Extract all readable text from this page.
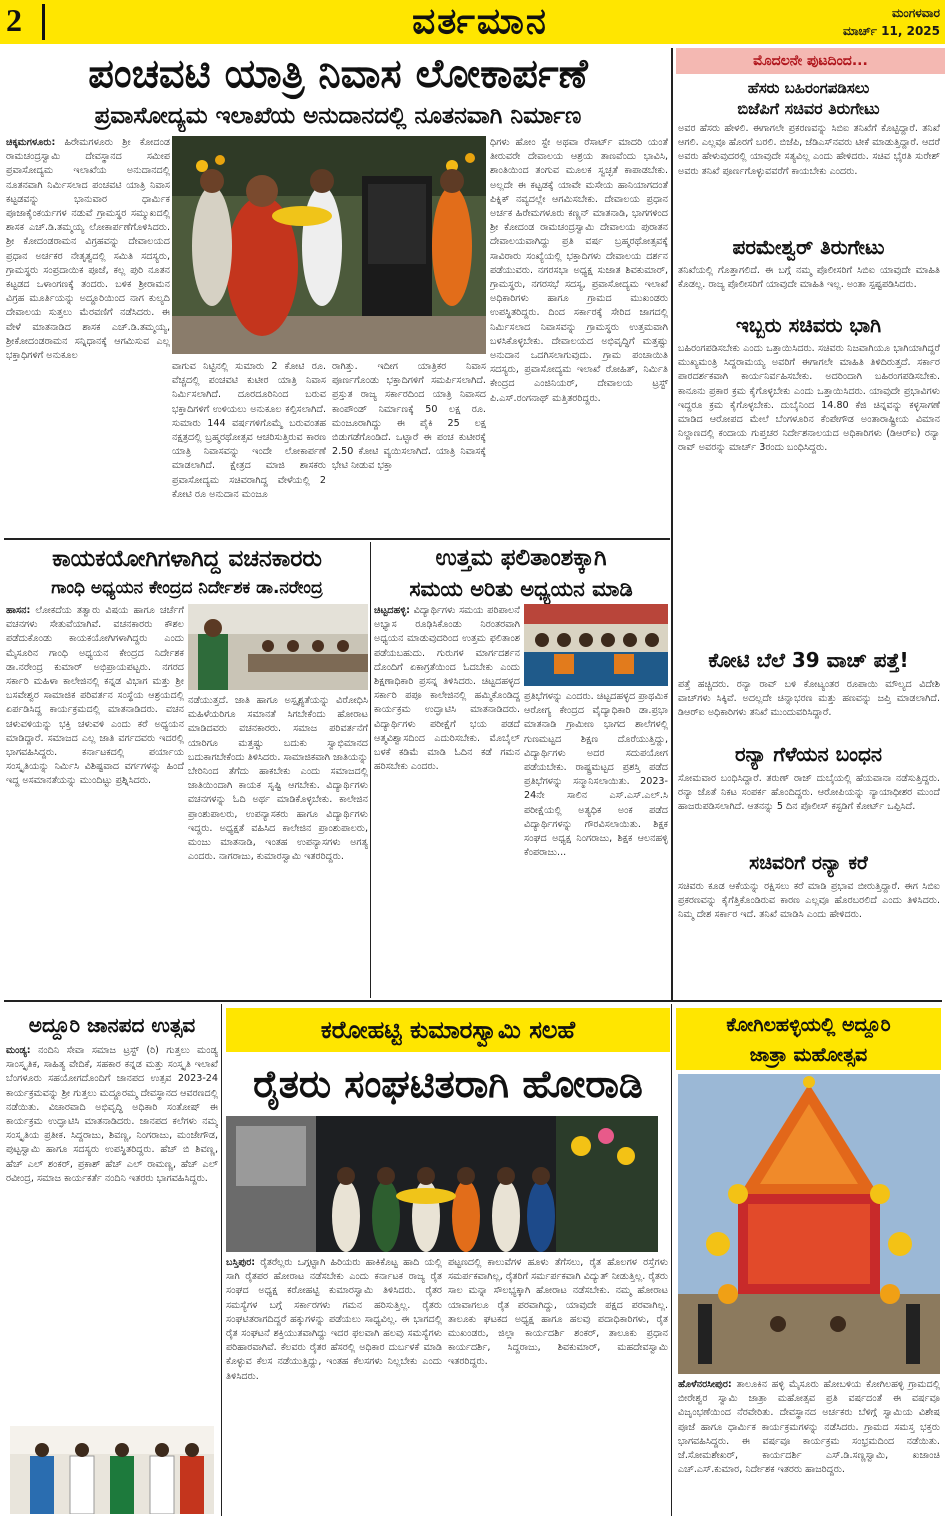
2	ವರ್ತಮಾನ	ಮಂಗಳವಾರ
ಮಾರ್ಚ್ 11, 2025
ಪಂಚವಟಿ ಯಾತ್ರಿ ನಿವಾಸ ಲೋಕಾರ್ಪಣೆ
ಪ್ರವಾಸೋದ್ಯಮ ಇಲಾಖೆಯ ಅನುದಾನದಲ್ಲಿ ನೂತನವಾಗಿ ನಿರ್ಮಾಣ
ಚಿಕ್ಕಮಗಳೂರು: ಹಿರೇಮಗಳೂರು ಶ್ರೀ ಕೋದಂಡ ರಾಮಚಂದ್ರಸ್ವಾಮಿ ದೇವಸ್ಥಾನದ ಸಮೀಪ ಪ್ರವಾಸೋದ್ಯಮ ಇಲಾಖೆಯ ಅನುದಾನದಲ್ಲಿ ನೂತನವಾಗಿ ನಿರ್ಮಿಸಲಾದ ಪಂಚವಟಿ ಯಾತ್ರಿ ನಿವಾಸ ಕಟ್ಟಡವನ್ನು ಭಾನುವಾರ ಧಾರ್ಮಿಕ ಪೂಜಾಕೈಂಕರ್ಯಗಳ ನಡುವೆ ಗ್ರಾಮಸ್ಥರ ಸಮ್ಮುಖದಲ್ಲಿ ಶಾಸಕ ಎಚ್.ಡಿ.ತಮ್ಮಯ್ಯ ಲೋಕಾರ್ಪಣೆಗೊಳಿಸಿದರು. ಶ್ರೀ ಕೋದಂಡರಾಮನ ವಿಗ್ರಹವನ್ನು ದೇವಾಲಯದ ಪ್ರಧಾನ ಅರ್ಚಕರ ನೇತೃತ್ವದಲ್ಲಿ ಸಮಿತಿ ಸದಸ್ಯರು, ಗ್ರಾಮಸ್ಥರು ಸಂಪ್ರದಾಯಿಕ ಪೂಜೆ, ಕಲ್ಲ ಪುರಿ ನೂತನ ಕಟ್ಟಡದ ಒಳಾಂಗಣಕ್ಕೆ ತಂದರು. ಬಳಿಕ ಶ್ರೀರಾಮನ ವಿಗ್ರಹ ಮೂರ್ತಿಯನ್ನು ಅದ್ದೂರಿಯಿಂದ ನಾಗ ಕುಲ್ಯದಿ ದೇವಾಲಯ ಸುತ್ತಲು ಮೆರವಣಿಗೆ ನಡೆಸಿದರು. ಈ ವೇಳೆ ಮಾತನಾಡಿದ ಶಾಸಕ ಎಚ್.ಡಿ.ತಮ್ಮಯ್ಯ, ಶ್ರೀಕೋದಂಡರಾಮನ ಸನ್ನಿಧಾನಕ್ಕೆ ಆಗಮಿಸುವ ಎಲ್ಲ ಭಕ್ತಾಧಿಗಳಿಗೆ ಅನುಕೂಲ
ವಾಗುವ ನಿಟ್ಟಿನಲ್ಲಿ ಸುಮಾರು 2 ಕೋಟಿ ರೂ. ವೆಚ್ಚದಲ್ಲಿ ಪಂಚವಟಿ ಕುಟೀರ ಯಾತ್ರಿ ನಿವಾಸ ನಿರ್ಮಿಸಲಾಗಿದೆ. ದೂರದೂರಿನಿಂದ ಬರುವ ಭಕ್ತಾದಿಗಳಿಗೆ ಉಳಿಯಲು ಅನುಕೂಲ ಕಲ್ಪಿಸಲಾಗಿದೆ. ಸುಮಾರು 144 ವರ್ಷಗಳಿಗೊಮ್ಮೆ ಬರುವಂತಹ ನಕ್ಷತ್ರದಲ್ಲಿ ಬ್ರಹ್ಮರಥೋತ್ಸವ ಆಚರಿಸುತ್ತಿರುವ ಕಾರಣ ಯಾತ್ರಿ ನಿವಾಸವನ್ನು ಇಂದೇ ಲೋಕಾರ್ಪಣೆ ಮಾಡಲಾಗಿದೆ. ಕ್ಷೇತ್ರದ ಮಾಜಿ ಶಾಸಕರು ಪ್ರವಾಸೋದ್ಯಮ ಸಚಿವರಾಗಿದ್ದ ವೇಳೆಯಲ್ಲಿ 2 ಕೋಟಿ ರೂ ಅನುದಾನ ಮಂಜೂ
ರಾಗಿತ್ತು. ಇದೀಗ ಯಾತ್ರಿಕರ ನಿವಾಸ ಪೂರ್ಣಗೊಂಡು ಭಕ್ತಾದಿಗಳಿಗೆ ಸಮರ್ಪಿಸಲಾಗಿದೆ. ಪ್ರಸ್ತುತ ರಾಜ್ಯ ಸರ್ಕಾರದಿಂದ ಯಾತ್ರಿ ನಿವಾಸದ ಕಾಂಪೌಂಡ್ ನಿರ್ಮಾಣಕ್ಕೆ 50 ಲಕ್ಷ ರೂ. ಮಂಜೂರಾಗಿದ್ದು ಈ ಪೈಕಿ 25 ಲಕ್ಷ ಬಿಡುಗಡೆಗೊಂಡಿದೆ. ಒಟ್ಟಾರೆ ಈ ಪಂಚ ಕುಟೀರಕ್ಕೆ 2.50 ಕೋಟಿ ವ್ಯಯಿಸಲಾಗಿದೆ. ಯಾತ್ರಿ ನಿವಾಸಕ್ಕೆ ಭೇಟಿ ನೀಡುವ ಭಕ್ತಾ
ಧಿಗಳು ಹೋಂ ಸ್ಟೇ ಅಥವಾ ರೆಸಾರ್ಟ್ ಮಾದರಿ ಯಂತೆ ತೀರುವರೇ ದೇವಾಲಯ ಆಶ್ರಯ ತಾಣವೆಂದು ಭಾವಿಸಿ, ಶಾಂತಿಯಿಂದ ತಂಗುವ ಮೂಲಕ ಸ್ವಚ್ಛತೆ ಕಾಪಾಡಬೇಕು. ಅಲ್ಲದೇ ಈ ಕಟ್ಟಡಕ್ಕೆ ಯಾವೇ ಮಸೇಯ ಹಾನಿಯಾಗದಂತೆ ಪಿಕ್ನಿಕ್ ನವ್ಯದಲ್ಲೇ ಆಗಮಿಸಬೇಕು. ದೇವಾಲಯ ಪ್ರಧಾನ ಅರ್ಚಕ ಹಿರೇಮಗಳೂರು ಕಣ್ಣನ್ ಮಾತನಾಡಿ, ಭಾಗಗಳಿಂದ ಶ್ರೀ ಕೋದಂಡ ರಾಮಚಂದ್ರಸ್ವಾಮಿ ದೇವಾಲಯ ಪುರಾತನ ದೇವಾಲಯವಾಗಿದ್ದು ಪ್ರತಿ ವರ್ಷ ಬ್ರಹ್ಮರಥೋತ್ಸವಕ್ಕೆ ಸಾವಿರಾರು ಸಂಖ್ಯೆಯಲ್ಲಿ ಭಕ್ತಾದಿಗಳು ದೇವಾಲಯ ದರ್ಶನ ಪಡೆಯುವರು. ನಗರಸಭಾ ಅಧ್ಯಕ್ಷ ಸುಜಾತ ಶಿವಕುಮಾರ್, ಗ್ರಾಮಸ್ಥರು, ನಗರಸಭೆ ಸದಸ್ಯ, ಪ್ರವಾಸೋದ್ಯಮ ಇಲಾಖೆ ಅಧಿಕಾರಿಗಳು ಹಾಗೂ ಗ್ರಾಮದ ಮುಖಂಡರು ಉಪಸ್ಥಿತರಿದ್ದರು. ದಿಂದ ಸರ್ಕಾರಕ್ಕೆ ಸೇರಿದ ಜಾಗದಲ್ಲಿ ನಿರ್ಮಿಸಲಾದ ನಿವಾಸವನ್ನು ಗ್ರಾಮಸ್ಥರು ಉತ್ತಮವಾಗಿ ಬಳಸಿಕೊಳ್ಳಬೇಕು. ದೇವಾಲಯದ ಅಭಿವೃದ್ಧಿಗೆ ಮತ್ತಷ್ಟು ಅನುದಾನ ಒದಗಿಸಲಾಗುವುದು. ಗ್ರಾಮ ಪಂಚಾಯಿತಿ ಸದಸ್ಯರು, ಪ್ರವಾಸೋದ್ಯಮ ಇಲಾಖೆ ರೋಹಿತ್, ನಿರ್ಮಿತಿ ಕೇಂದ್ರದ ಎಂಜಿನಿಯರ್, ದೇವಾಲಯ ಟ್ರಸ್ಟ್ ಪಿ.ಎಸ್.ರಂಗನಾಥ್ ಮತ್ತಿತರರಿದ್ದರು.
ಕಾಯಕಯೋಗಿಗಳಾಗಿದ್ದ ವಚನಕಾರರು
ಗಾಂಧಿ ಅಧ್ಯಯನ ಕೇಂದ್ರದ ನಿರ್ದೇಶಕ ಡಾ.ನರೇಂದ್ರ
ಹಾಸನ: ಲೋಕದೆಯ ತತ್ವಾರು ವಿಷಯ ಹಾಗೂ ಚರ್ಚೆಗೆ ವಚನಗಳು ಸೇತುವೆಯಾಗಿವೆ. ವಚನಕಾರರು ಕೌಶಲ ಪಡೆದುಕೊಂಡು ಕಾಯಕಯೋಗಿಗಳಾಗಿದ್ದರು ಎಂದು ಮೈಸೂರಿನ ಗಾಂಧಿ ಅಧ್ಯಯನ ಕೇಂದ್ರದ ನಿರ್ದೇಶಕ ಡಾ.ನರೇಂದ್ರ ಕುಮಾರ್ ಅಭಿಪ್ರಾಯಪಟ್ಟರು. ನಗರದ ಸರ್ಕಾರಿ ಮಹಿಳಾ ಕಾಲೇಜಿನಲ್ಲಿ ಕನ್ನಡ ವಿಭಾಗ ಮತ್ತು ಶ್ರೀ ಬಸವೇಶ್ವರ ಸಾಮಾಜಿಕ ಪರಿವರ್ತನ ಸಂಸ್ಥೆಯ ಆಶ್ರಯದಲ್ಲಿ ಏರ್ಪಡಿಸಿದ್ದ ಕಾರ್ಯಕ್ರಮದಲ್ಲಿ ಮಾತನಾಡಿದರು. ವಚನ ಚಳುವಳಿಯನ್ನು ಭಕ್ತಿ ಚಳುವಳಿ ಎಂದು ಕರೆ ಅಧ್ಯಯನ ಮಾಡಿದ್ದಾರೆ. ಸಮಾಜದ ಎಲ್ಲ ಜಾತಿ ವರ್ಗದವರು ಇದರಲ್ಲಿ ಭಾಗವಹಿಸಿದ್ದರು. ಕರ್ನಾಟಕದಲ್ಲಿ ಪರ್ಯಾಯ ಸಂಸ್ಕೃತಿಯನ್ನು ನಿರ್ಮಿಸಿ ವಿಶಿಷ್ಟವಾದ ವರ್ಗಗಳನ್ನು ಹಿಂದೆ ಇದ್ದ ಅಸಮಾನತೆಯನ್ನು ಮುಂದಿಟ್ಟು ಪ್ರಶ್ನಿಸಿದರು.
ನಡೆಯುತ್ತದೆ. ಜಾತಿ ಹಾಗೂ ಅಸ್ಪೃಶ್ಯತೆಯನ್ನು ವಿರೋಧಿಸಿ ಮಹಿಳೆಯರಿಗೂ ಸಮಾನತೆ ಸಿಗಬೇಕೆಂದು ಹೋರಾಟ ಮಾಡಿದವರು ವಚನಕಾರರು. ಸಮಾಜ ಪರಿವರ್ತನೆಗೆ ಯಾರಿಗೂ ಮತ್ತಷ್ಟು ಬದುಕು ಸ್ವಾಭಿಮಾನದ ಬದುಕಾಗಬೇಕೆಂದು ತಿಳಿಸಿದರು. ಸಾಮಾಜಿಕವಾಗಿ ಜಾತಿಯನ್ನು ಬೇರಿನಿಂದ ತೆಗೆದು ಹಾಕಬೇಕು ಎಂದು ಸಮಾಜದಲ್ಲಿ ಜಾತಿಯಿಂದಾಗಿ ಕಾಯಕ ಸೃಷ್ಟಿ ಆಗಬೇಕು. ವಿದ್ಯಾರ್ಥಿಗಳು ವಚನಗಳನ್ನು ಓದಿ ಅರ್ಥ ಮಾಡಿಕೊಳ್ಳಬೇಕು. ಕಾಲೇಜಿನ ಪ್ರಾಂಶುಪಾಲರು, ಉಪನ್ಯಾಸಕರು ಹಾಗೂ ವಿದ್ಯಾರ್ಥಿಗಳು ಇದ್ದರು. ಅಧ್ಯಕ್ಷತೆ ವಹಿಸಿದ ಕಾಲೇಜಿನ ಪ್ರಾಂಶುಪಾಲರು, ಮಂಜು ಮಾತನಾಡಿ, ಇಂತಹ ಉಪನ್ಯಾಸಗಳು ಅಗತ್ಯ ಎಂದರು. ನಾಗರಾಜು, ಕುಮಾರಸ್ವಾಮಿ ಇತರರಿದ್ದರು.
ಉತ್ತಮ ಫಲಿತಾಂಶಕ್ಕಾಗಿ
ಸಮಯ ಅರಿತು ಅಧ್ಯಯನ ಮಾಡಿ
ಚಿಟ್ಟದಹಳ್ಳಿ: ವಿದ್ಯಾರ್ಥಿಗಳು ಸಮಯ ಪರಿಪಾಲನೆ ಅಭ್ಯಾಸ ರೂಢಿಸಿಕೊಂಡು ನಿರಂತರವಾಗಿ ಅಧ್ಯಯನ ಮಾಡುವುದರಿಂದ ಉತ್ತಮ ಫಲಿತಾಂಶ ಪಡೆಯಬಹುದು. ಗುರುಗಳ ಮಾರ್ಗದರ್ಶನ ದೊಂದಿಗೆ ಏಕಾಗ್ರತೆಯಿಂದ ಓದಬೇಕು ಎಂದು ಶಿಕ್ಷಣಾಧಿಕಾರಿ ಪ್ರಸನ್ನ ತಿಳಿಸಿದರು. ಚಿಟ್ಟದಹಳ್ಳದ ಸರ್ಕಾರಿ ಪಪೂ ಕಾಲೇಜಿನಲ್ಲಿ ಹಮ್ಮಿಕೊಂಡಿದ್ದ ಕಾರ್ಯಕ್ರಮ ಉದ್ಘಾಟಿಸಿ ಮಾತನಾಡಿದರು. ವಿದ್ಯಾರ್ಥಿಗಳು ಪರೀಕ್ಷೆಗೆ ಭಯ ಪಡದೆ ಆತ್ಮವಿಶ್ವಾಸದಿಂದ ಎದುರಿಸಬೇಕು. ಮೊಬೈಲ್ ಬಳಕೆ ಕಡಿಮೆ ಮಾಡಿ ಓದಿನ ಕಡೆ ಗಮನ ಹರಿಸಬೇಕು ಎಂದರು.
ಪ್ರತಿಭೆಗಳನ್ನು ಎಂದರು. ಚಿಟ್ಟದಹಳ್ಳದ ಪ್ರಾಥಮಿಕ ಆರೋಗ್ಯ ಕೇಂದ್ರದ ವೈದ್ಯಾಧಿಕಾರಿ ಡಾ.ಪ್ರಭಾ ಮಾತನಾಡಿ ಗ್ರಾಮೀಣ ಭಾಗದ ಶಾಲೆಗಳಲ್ಲಿ ಗುಣಮಟ್ಟದ ಶಿಕ್ಷಣ ದೊರೆಯುತ್ತಿದ್ದು, ವಿದ್ಯಾರ್ಥಿಗಳು ಅದರ ಸದುಪಯೋಗ ಪಡೆಯಬೇಕು. ರಾಷ್ಟ್ರಮಟ್ಟದ ಪ್ರಶಸ್ತಿ ಪಡೆದ ಪ್ರತಿಭೆಗಳನ್ನು ಸನ್ಮಾನಿಸಲಾಯಿತು. 2023-24ನೇ ಸಾಲಿನ ಎಸ್.ಎಸ್.ಎಲ್.ಸಿ ಪರೀಕ್ಷೆಯಲ್ಲಿ ಅತ್ಯಧಿಕ ಅಂಕ ಪಡೆದ ವಿದ್ಯಾರ್ಥಿಗಳನ್ನು ಗೌರವಿಸಲಾಯಿತು. ಶಿಕ್ಷಕ ಸಂಘದ ಅಧ್ಯಕ್ಷ ನಿಂಗರಾಜು, ಶಿಕ್ಷಕ ಆಲನಹಳ್ಳಿ ಕೆಂಪರಾಜು...
ಮೊದಲನೇ ಪುಟದಿಂದ...
ಹೆಸರು ಬಹಿರಂಗಪಡಿಸಲು
ಬಿಜೆಪಿಗೆ ಸಚಿವರ ತಿರುಗೇಟು
ಅವರ ಹೆಸರು ಹೇಳಲಿ. ಈಗಾಗಲೇ ಪ್ರಕರಣವನ್ನು ಸಿಬಿಐ ತನಿಖೆಗೆ ಕೊಟ್ಟಿದ್ದಾರೆ. ತನಿಖೆ ಆಗಲಿ. ಎಲ್ಲವೂ ಹೊರಗೆ ಬರಲಿ. ಬಿಜೆಪಿ, ಜೆಡಿಎಸ್‌ನವರು ಟೀಕೆ ಮಾಡುತ್ತಿದ್ದಾರೆ. ಆದರೆ ಅವರು ಹೇಳುವುದರಲ್ಲಿ ಯಾವುದೇ ಸತ್ಯವಿಲ್ಲ ಎಂದು ಹೇಳಿದರು. ಸಚಿವ ಭೈರತಿ ಸುರೇಶ್ ಅವರು ತನಿಖೆ ಪೂರ್ಣಗೊಳ್ಳುವವರೆಗೆ ಕಾಯಬೇಕು ಎಂದರು.
ಪರಮೇಶ್ವರ್ ತಿರುಗೇಟು
ತನಿಖೆಯಲ್ಲಿ ಗೊತ್ತಾಗಲಿದೆ. ಈ ಬಗ್ಗೆ ನಮ್ಮ ಪೊಲೀಸರಿಗೆ ಸಿಬಿಐ ಯಾವುದೇ ಮಾಹಿತಿ ಕೊಡಲ್ಲ. ರಾಜ್ಯ ಪೊಲೀಸರಿಗೆ ಯಾವುದೇ ಮಾಹಿತಿ ಇಲ್ಲ. ಅಂತಾ ಸ್ಪಷ್ಟಪಡಿಸಿದರು.
ಇಬ್ಬರು ಸಚಿವರು ಭಾಗಿ
ಬಹಿರಂಗಪಡಿಸಬೇಕು ಎಂದು ಒತ್ತಾಯಿಸಿದರು. ಸಚಿವರು ನಿಜವಾಗಿಯೂ ಭಾಗಿಯಾಗಿದ್ದರೆ ಮುಖ್ಯಮಂತ್ರಿ ಸಿದ್ದರಾಮಯ್ಯ ಅವರಿಗೆ ಈಗಾಗಲೇ ಮಾಹಿತಿ ತಿಳಿದಿರುತ್ತದೆ. ಸರ್ಕಾರ ಪಾರದರ್ಶಕವಾಗಿ ಕಾರ್ಯನಿರ್ವಹಿಸಬೇಕು. ಅದರಿಂದಾಗಿ ಬಹಿರಂಗಪಡಿಸಬೇಕು. ಕಾನೂನು ಪ್ರಕಾರ ಕ್ರಮ ಕೈಗೊಳ್ಳಬೇಕು ಎಂದು ಒತ್ತಾಯಿಸಿದರು. ಯಾವುದೇ ಪ್ರಭಾವಿಗಳು ಇದ್ದರೂ ಕ್ರಮ ಕೈಗೊಳ್ಳಬೇಕು. ದುಬೈನಿಂದ 14.80 ಕೆಜಿ ಚಿನ್ನವನ್ನು ಕಳ್ಳಸಾಗಣೆ ಮಾಡಿದ ಆರೋಪದ ಮೇಲೆ ಬೆಂಗಳೂರಿನ ಕೆಂಪೇಗೌಡ ಅಂತಾರಾಷ್ಟ್ರೀಯ ವಿಮಾನ ನಿಲ್ದಾಣದಲ್ಲಿ ಕಂದಾಯ ಗುಪ್ತಚರ ನಿರ್ದೇಶನಾಲಯದ ಅಧಿಕಾರಿಗಳು (ಡಿಆರ್‌ಐ) ರನ್ಯಾ ರಾವ್ ಅವರನ್ನು ಮಾರ್ಚ್ 3ರಂದು ಬಂಧಿಸಿದ್ದರು.
ಕೋಟಿ ಬೆಲೆ 39 ವಾಚ್ ಪತ್ತೆ!
ಪತ್ತೆ ಹಚ್ಚಿದರು. ರನ್ಯಾ ರಾವ್ ಬಳಿ ಕೋಟ್ಯಂತರ ರೂಪಾಯಿ ಮೌಲ್ಯದ ವಿದೇಶಿ ವಾಚ್‌ಗಳು ಸಿಕ್ಕಿವೆ. ಅದಲ್ಲದೇ ಚಿನ್ನಾಭರಣ ಮತ್ತು ಹಣವನ್ನು ಜಪ್ತಿ ಮಾಡಲಾಗಿದೆ. ಡಿಆರ್‌ಐ ಅಧಿಕಾರಿಗಳು ತನಿಖೆ ಮುಂದುವರಿಸಿದ್ದಾರೆ.
ರನ್ಯಾ ಗೆಳೆಯನ ಬಂಧನ
ಸೋಮವಾರ ಬಂಧಿಸಿದ್ದಾರೆ. ತರುಣ್ ರಾಜ್ ದುಬೈಯಲ್ಲಿ ಹೆಯವಾನಾ ನಡೆಸುತ್ತಿದ್ದರು. ರನ್ಯಾ ಜೊತೆ ನಿಕಟ ಸಂಪರ್ಕ ಹೊಂದಿದ್ದರು. ಆರೋಪಿಯನ್ನು ನ್ಯಾಯಾಧೀಶರ ಮುಂದೆ ಹಾಜರುಪಡಿಸಲಾಗಿದೆ. ಆತನನ್ನು 5 ದಿನ ಪೊಲೀಸ್ ಕಸ್ಟಡಿಗೆ ಕೋರ್ಟ್ ಒಪ್ಪಿಸಿದೆ.
ಸಚಿವರಿಗೆ ರನ್ಯಾ ಕರೆ
ಸಚಿವರು ಕೂಡ ಆಕೆಯನ್ನು ರಕ್ಷಿಸಲು ಕರೆ ಮಾಡಿ ಪ್ರಭಾವ ಬೀರುತ್ತಿದ್ದಾರೆ. ಈಗ ಸಿಬಿಐ ಪ್ರಕರಣವನ್ನು ಕೈಗೆತ್ತಿಕೊಂಡಿರುವ ಕಾರಣ ಎಲ್ಲವೂ ಹೊರಬರಲಿದೆ ಎಂದು ತಿಳಿಸಿದರು. ನಿಮ್ಮ ದೇಶ ಸರ್ಕಾರ ಇದೆ. ತನಿಖೆ ಮಾಡಿಸಿ ಎಂದು ಹೇಳಿದರು.
ಅದ್ದೂರಿ ಜಾನಪದ ಉತ್ಸವ
ಮಂಡ್ಯ: ನಂದಿನಿ ಸೇವಾ ಸಮಾಜ ಟ್ರಸ್ಟ್ (ರಿ) ಗುತ್ತಲು ಮಂಡ್ಯ ಸಾಂಸ್ಕೃತಿಕ, ಸಾಹಿತ್ಯ ವೇದಿಕೆ, ಸಹಕಾರ ಕನ್ನಡ ಮತ್ತು ಸಂಸ್ಕೃತಿ ಇಲಾಖೆ ಬೆಂಗಳೂರು ಸಹಯೋಗದೊಂದಿಗೆ ಜಾನಪದ ಉತ್ಸವ 2023-24 ಕಾರ್ಯಕ್ರಮವನ್ನು ಶ್ರೀ ಗುತ್ತಲು ಮದ್ದೂರಮ್ಮ ದೇವಸ್ಥಾನದ ಆವರಣದಲ್ಲಿ ನಡೆಯಿತು. ವಿಚಾರವಾದಿ ಅಭಿವೃದ್ಧಿ ಅಧಿಕಾರಿ ಸಂತೋಷ್ ಈ ಕಾರ್ಯಕ್ರಮ ಉದ್ಘಾಟಿಸಿ ಮಾತನಾಡಿದರು. ಜಾನಪದ ಕಲೆಗಳು ನಮ್ಮ ಸಂಸ್ಕೃತಿಯ ಪ್ರತೀಕ. ಸಿದ್ದರಾಜು, ಶಿವಣ್ಣ, ನಿಂಗರಾಜು, ಮಂಜೇಗೌಡ, ಪುಟ್ಟಸ್ವಾಮಿ ಹಾಗೂ ಸದಸ್ಯರು ಉಪಸ್ಥಿತರಿದ್ದರು. ಹೆಚ್ ಬಿ ಶಿವಣ್ಣ, ಹೆಚ್ ಎಲ್ ಶಂಕರ್, ಪ್ರಕಾಶ್ ಹೆಚ್ ಎಲ್ ರಾಮಣ್ಣ, ಹೆಚ್ ಎಲ್ ರವೀಂದ್ರ, ಸಮಾಜ ಕಾರ್ಯಕರ್ತೆ ನಂದಿನಿ ಇತರರು ಭಾಗವಹಿಸಿದ್ದರು.
ಕರೋಹಟ್ಟಿ ಕುಮಾರಸ್ವಾಮಿ ಸಲಹೆ
ರೈತರು ಸಂಘಟಿತರಾಗಿ ಹೋರಾಡಿ
ಬಸ್ತಿಪುರ: ರೈತರೆಲ್ಲರು ಒಗ್ಗಟ್ಟಾಗಿ ಹಿರಿಯರು ಹಾಕಿಕೊಟ್ಟ ಹಾದಿ ಯಲ್ಲಿ ಸಾಗಿ ರೈತಪರ ಹೋರಾಟ ನಡೆಸಬೇಕು ಎಂದು ಕರ್ನಾಟಕ ರಾಜ್ಯ ರೈತ ಸಂಘದ ಅಧ್ಯಕ್ಷ ಕರೋಹಟ್ಟಿ ಕುಮಾರಸ್ವಾಮಿ ತಿಳಿಸಿದರು. ರೈತರ ಸಮಸ್ಯೆಗಳ ಬಗ್ಗೆ ಸರ್ಕಾರಗಳು ಗಮನ ಹರಿಸುತ್ತಿಲ್ಲ. ರೈತರು ಸಂಘಟಿತರಾಗದಿದ್ದರೆ ಹಕ್ಕುಗಳನ್ನು ಪಡೆಯಲು ಸಾಧ್ಯವಿಲ್ಲ. ಈ ಭಾಗದಲ್ಲಿ ರೈತ ಸಂಘಟನೆ ಶಕ್ತಿಯುತವಾಗಿದ್ದು ಇದರ ಫಲವಾಗಿ ಹಲವು ಸಮಸ್ಯೆಗಳು ಪರಿಹಾರವಾಗಿವೆ. ಕೆಲವರು ರೈತರ ಹೆಸರಲ್ಲಿ ಅಧಿಕಾರ ದುರ್ಬಳಕೆ ಮಾಡಿ ಕೊಳ್ಳುವ ಕೆಲಸ ನಡೆಯುತ್ತಿದ್ದು, ಇಂತಹ ಕೆಲಸಗಳು ನಿಲ್ಲಬೇಕು ಎಂದು ತಿಳಿಸಿದರು.
ಪಟ್ಟಣದಲ್ಲಿ ಕಾಲುವೆಗಳ ಹೂಳು ತೆಗೆಸಲು, ರೈತ ಹೊಲಗಳ ರಸ್ತೆಗಳು ಸಮರ್ಪಕವಾಗಿಲ್ಲ, ರೈತರಿಗೆ ಸರ್ಮರ್ಪಕವಾಗಿ ವಿದ್ಯುತ್ ನೀಡುತ್ತಿಲ್ಲ. ರೈತರು ಸಾಲ ಮನ್ನಾ ಸೌಲಭ್ಯಕ್ಕಾಗಿ ಹೋರಾಟ ನಡೆಸಬೇಕು. ನಮ್ಮ ಹೋರಾಟ ಯಾವಾಗಲೂ ರೈತ ಪರವಾಗಿದ್ದು, ಯಾವುದೇ ಪಕ್ಷದ ಪರವಾಗಿಲ್ಲ. ತಾಲೂಕು ಘಟಕದ ಅಧ್ಯಕ್ಷ ಹಾಗೂ ಹಲವು ಪದಾಧಿಕಾರಿಗಳು, ರೈತ ಮುಖಂಡರು, ಜಿಲ್ಲಾ ಕಾರ್ಯದರ್ಶಿ ಶಂಕರ್, ತಾಲೂಕು ಪ್ರಧಾನ ಕಾರ್ಯದರ್ಶಿ, ಸಿದ್ದರಾಜು, ಶಿವಕುಮಾರ್, ಮಹದೇವಸ್ವಾಮಿ ಇತರರಿದ್ದರು.
ಕೋಗಿಲಹಳ್ಳಿಯಲ್ಲಿ ಅದ್ದೂರಿ
ಜಾತ್ರಾ ಮಹೋತ್ಸವ
ಹೊಳೆನರಸೀಪುರ: ತಾಲೂಕಿನ ಹಳ್ಳಿ ಮೈಸೂರು ಹೋಬಳಿಯ ಕೋಗಿಲಹಳ್ಳಿ ಗ್ರಾಮದಲ್ಲಿ ಬೀರೇಶ್ವರ ಸ್ವಾಮಿ ಜಾತ್ರಾ ಮಹೋತ್ಸವ ಪ್ರತಿ ವರ್ಷದಂತೆ ಈ ವರ್ಷವೂ ವಿಜೃಂಭಣೆಯಿಂದ ನೆರವೇರಿತು. ದೇವಸ್ಥಾನದ ಅರ್ಚಕರು ಬೆಳಿಗ್ಗೆ ಸ್ವಾಮಿಯ ವಿಶೇಷ ಪೂಜೆ ಹಾಗೂ ಧಾರ್ಮಿಕ ಕಾರ್ಯಕ್ರಮಗಳನ್ನು ನಡೆಸಿದರು. ಗ್ರಾಮದ ಸಮಸ್ತ ಭಕ್ತರು ಭಾಗವಹಿಸಿದ್ದರು. ಈ ವರ್ಷವೂ ಕಾರ್ಯಕ್ರಮ ಸಂಭ್ರಮದಿಂದ ನಡೆಯಿತು. ಜೆ.ಸೋಮಶೇಖರ್, ಕಾರ್ಯದರ್ಶಿ ಎಸ್.ಡಿ.ಸಣ್ಣಸ್ವಾಮಿ, ಖಜಾಂಚಿ ಎಚ್.ಎಸ್.ಕುಮಾರ, ನಿರ್ದೇಶಕ ಇತರರು ಹಾಜರಿದ್ದರು.
